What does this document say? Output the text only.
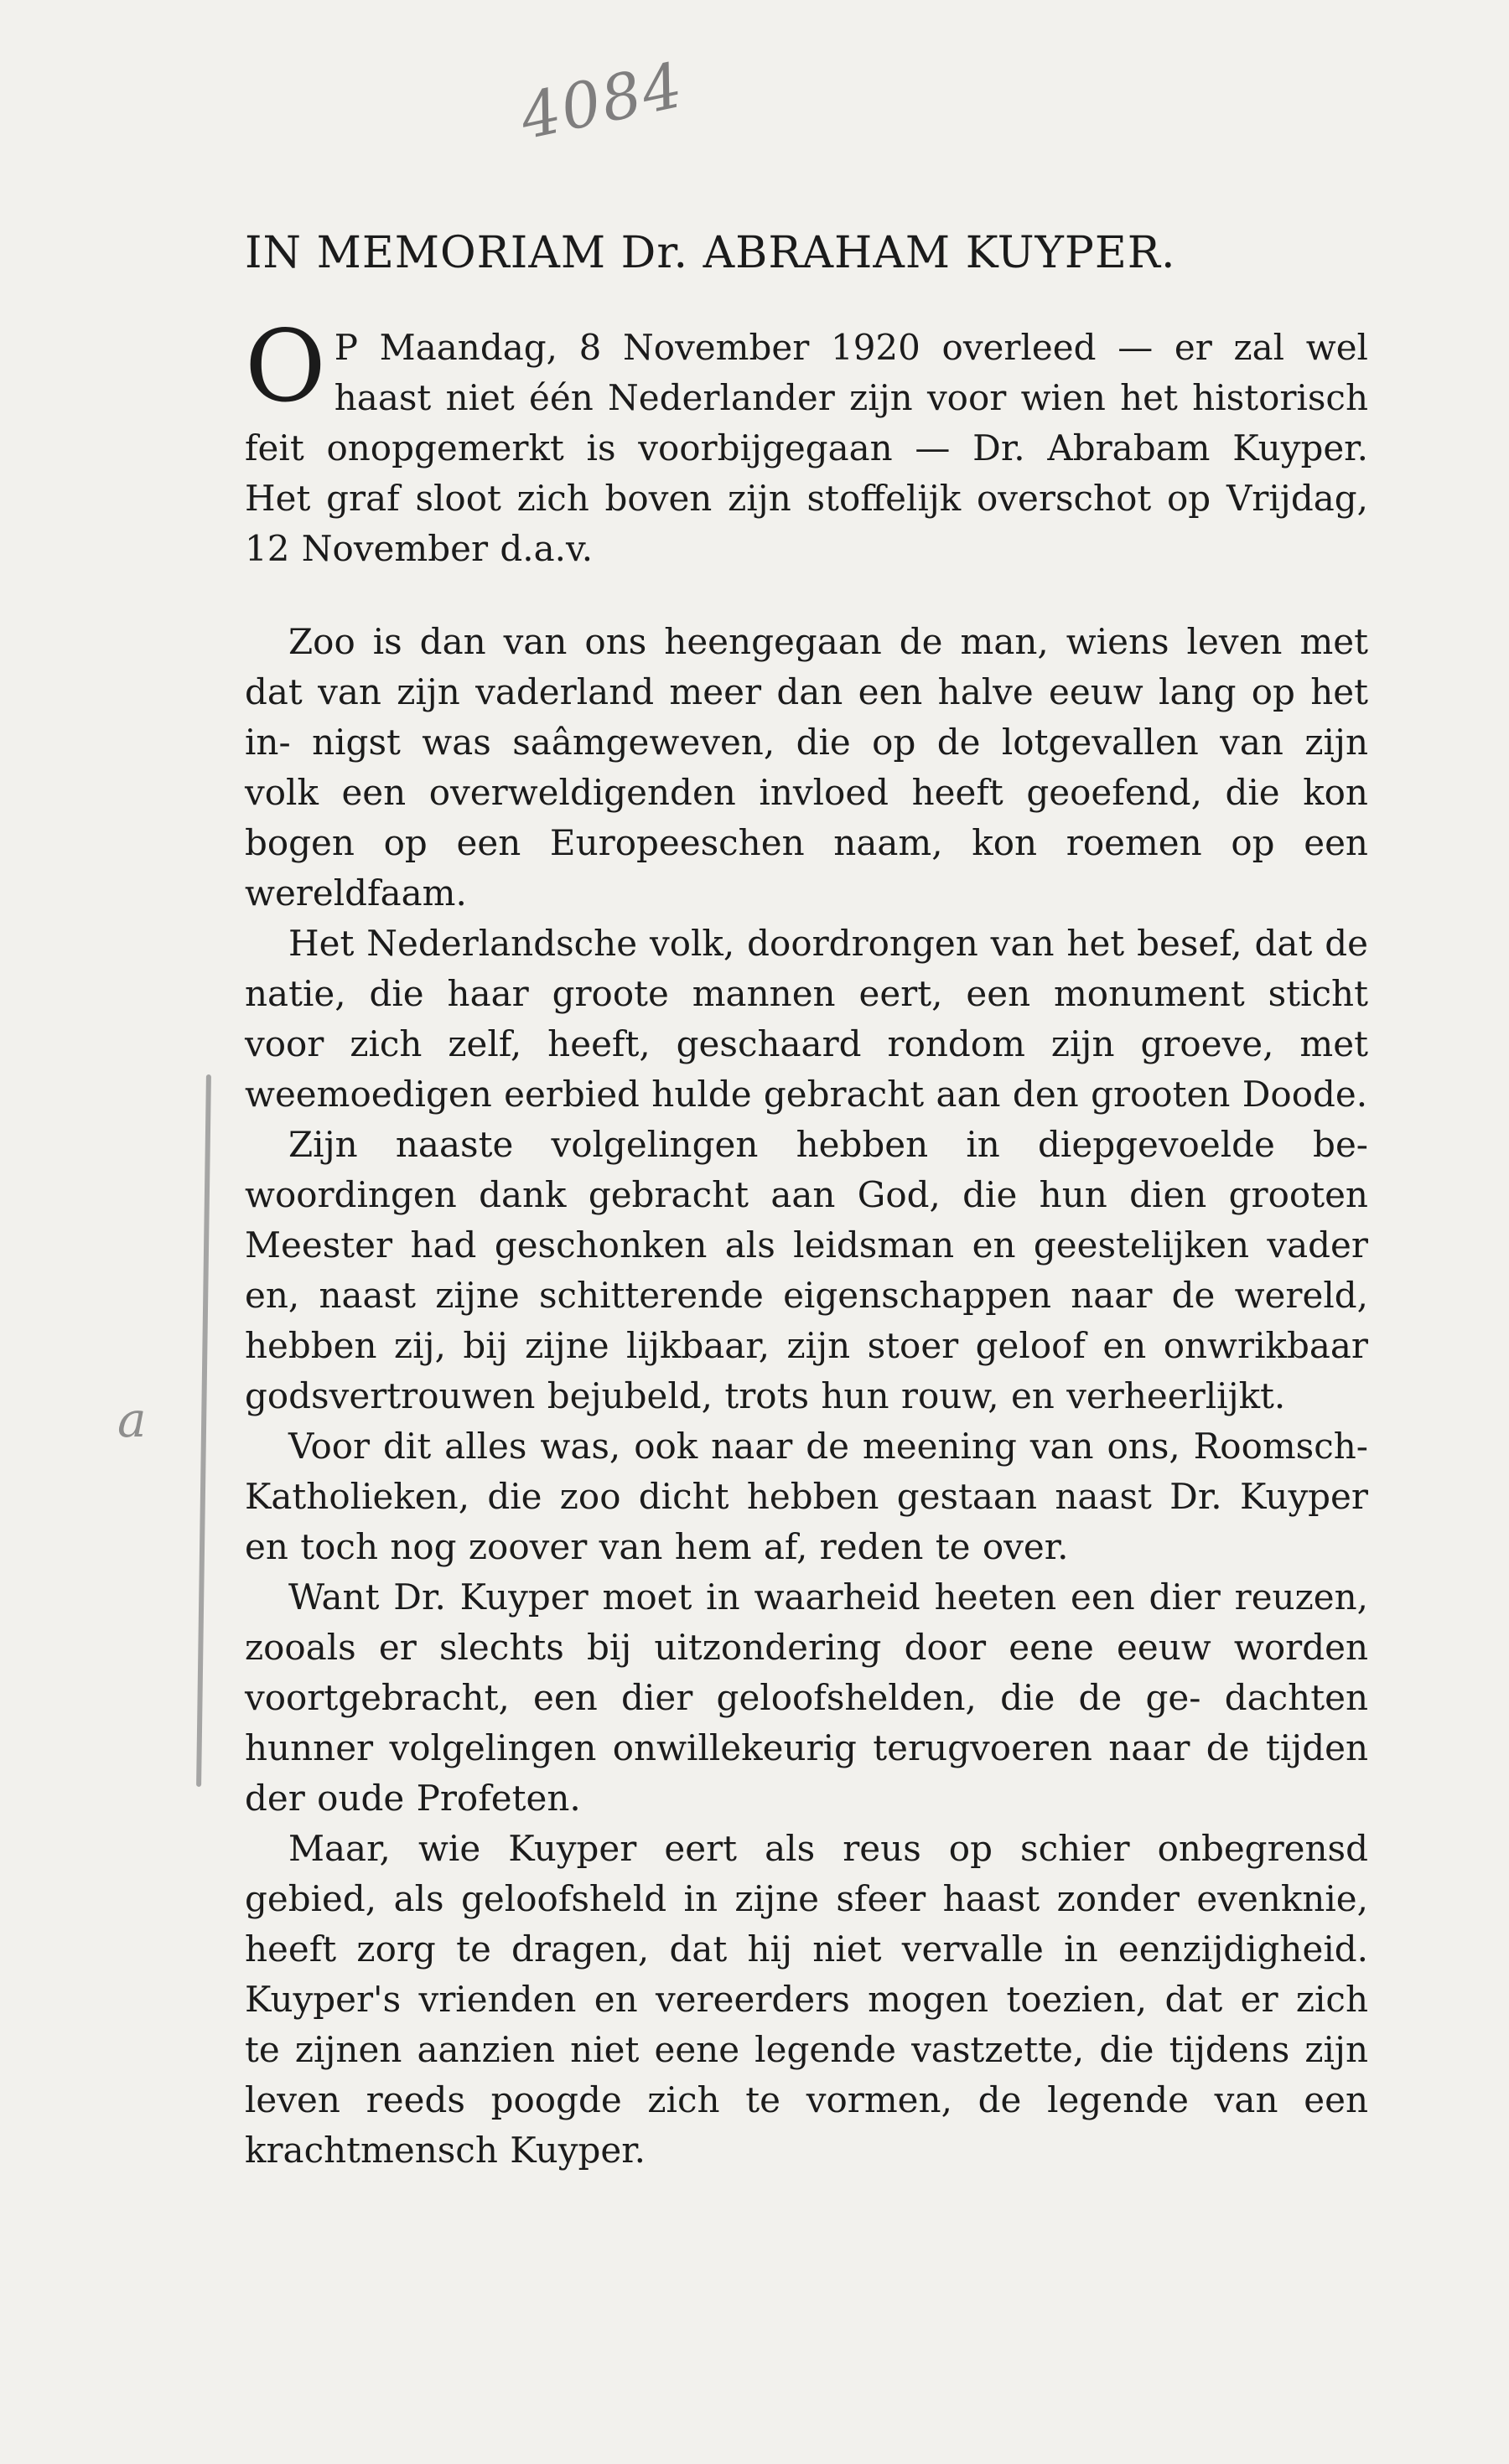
4084
IN MEMORIAM Dr. ABRAHAM KUYPER.
O P Maandag, 8 November 1920 overleed — er zal wel haast niet één Nederlander zijn voor wien het historisch feit onopgemerkt is voorbijgegaan — Dr. Abrabam Kuyper. Het graf sloot zich boven zijn stoffelijk overschot op Vrijdag, 12 November d.a.v.

Zoo is dan van ons heengegaan de man, wiens leven met dat van zijn vaderland meer dan een halve eeuw lang op het in- nigst was saâmgeweven, die op de lotgevallen van zijn volk een overweldigenden invloed heeft geoefend, die kon bogen op een Europeeschen naam, kon roemen op een wereldfaam.

Het Nederlandsche volk, doordrongen van het besef, dat de natie, die haar groote mannen eert, een monument sticht voor zich zelf, heeft, geschaard rondom zijn groeve, met weemoedigen eerbied hulde gebracht aan den grooten Doode.

Zijn naaste volgelingen hebben in diepgevoelde be- woordingen dank gebracht aan God, die hun dien grooten Meester had geschonken als leidsman en geestelijken vader en, naast zijne schitterende eigenschappen naar de wereld, hebben zij, bij zijne lijkbaar, zijn stoer geloof en onwrikbaar godsvertrouwen bejubeld, trots hun rouw, en verheerlijkt.

Voor dit alles was, ook naar de meening van ons, Roomsch- Katholieken, die zoo dicht hebben gestaan naast Dr. Kuyper en toch nog zoover van hem af, reden te over.

Want Dr. Kuyper moet in waarheid heeten een dier reuzen, zooals er slechts bij uitzondering door eene eeuw worden voortgebracht, een dier geloofshelden, die de ge- dachten hunner volgelingen onwillekeurig terugvoeren naar de tijden der oude Profeten.

Maar, wie Kuyper eert als reus op schier onbegrensd gebied, als geloofsheld in zijne sfeer haast zonder evenknie, heeft zorg te dragen, dat hij niet vervalle in eenzijdigheid. Kuyper's vrienden en vereerders mogen toezien, dat er zich te zijnen aanzien niet eene legende vastzette, die tijdens zijn leven reeds poogde zich te vormen, de legende van een krachtmensch Kuyper.

a
